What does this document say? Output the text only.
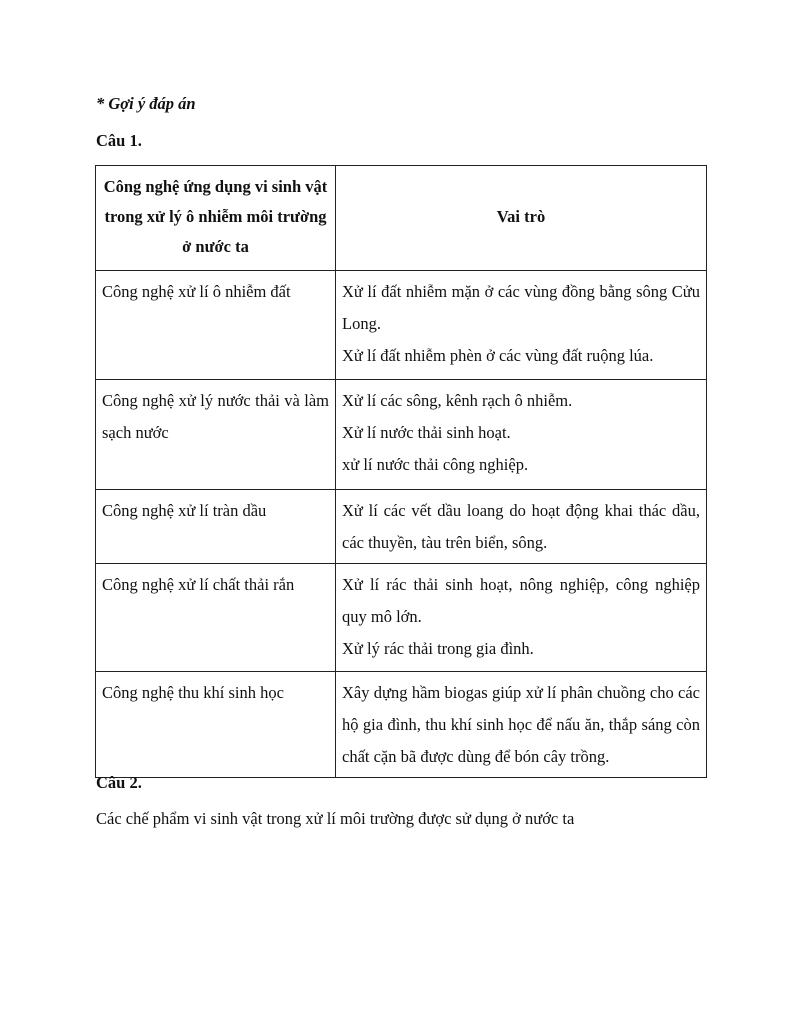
* Gợi ý đáp án
Câu 1.
Công nghệ ứng dụng vi sinh vật trong xử lý ô nhiễm môi trường ở nước ta	Vai trò
Công nghệ xử lí ô nhiễm đất	Xử lí đất nhiễm mặn ở các vùng đồng bằng sông Cửu Long.
Xử lí đất nhiễm phèn ở các vùng đất ruộng lúa.

Công nghệ xử lý nước thải và làm sạch nước	Xử lí các sông, kênh rạch ô nhiễm.
Xử lí nước thải sinh hoạt.
xử lí nước thải công nghiệp.

Công nghệ xử lí tràn dầu	Xử lí các vết dầu loang do hoạt động khai thác dầu, các thuyền, tàu trên biển, sông.

Công nghệ xử lí chất thải rắn	Xử lí rác thải sinh hoạt, nông nghiệp, công nghiệp quy mô lớn.
Xử lý rác thải trong gia đình.

Công nghệ thu khí sinh học	Xây dựng hầm biogas giúp xử lí phân chuồng cho các hộ gia đình, thu khí sinh học để nấu ăn, thắp sáng còn chất cặn bã được dùng để bón cây trồng.
Câu 2.
Các chế phẩm vi sinh vật trong xử lí môi trường được sử dụng ở nước ta
